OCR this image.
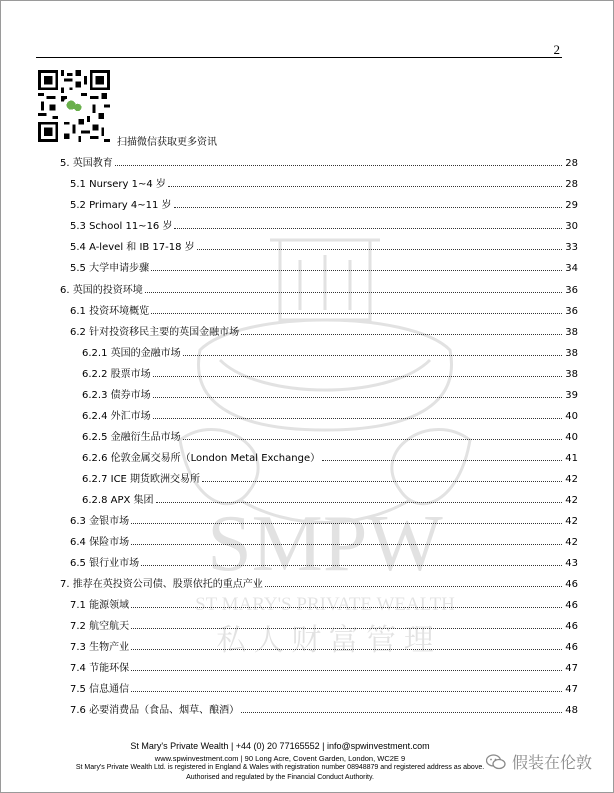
2
扫描微信获取更多资讯
SMPW
ST MARY'S PRIVATE WEALTH
私 人 财 富 管 理
5. 英国教育	28
5.1 Nursery 1~4 岁	28
5.2 Primary 4~11 岁	29
5.3 School 11~16 岁	30
5.4 A-level 和 IB 17-18 岁	33
5.5 大学申请步骤	34
6. 英国的投资环境	36
6.1 投资环境概览	36
6.2 针对投资移民主要的英国金融市场	38
6.2.1 英国的金融市场	38
6.2.2 股票市场	38
6.2.3 债券市场	39
6.2.4 外汇市场	40
6.2.5 金融衍生品市场	40
6.2.6 伦敦金属交易所（London Metal Exchange）	41
6.2.7 ICE 期货欧洲交易所	42
6.2.8 APX 集团	42
6.3 金银市场	42
6.4 保险市场	42
6.5 银行业市场	43
7. 推荐在英投资公司债、股票依托的重点产业	46
7.1 能源领域	46
7.2 航空航天	46
7.3 生物产业	46
7.4 节能环保	47
7.5 信息通信	47
7.6 必要消费品（食品、烟草、酿酒）	48
St Mary's Private Wealth | +44 (0) 20 77165552 | info@spwinvestment.com
www.spwinvestment.com | 90 Long Acre, Covent Garden, London, WC2E 9
St Mary's Private Wealth Ltd. is registered in England & Wales with registration number 08948879 and registered address as above.
Authorised and regulated by the Financial Conduct Authority.
假装在伦敦
